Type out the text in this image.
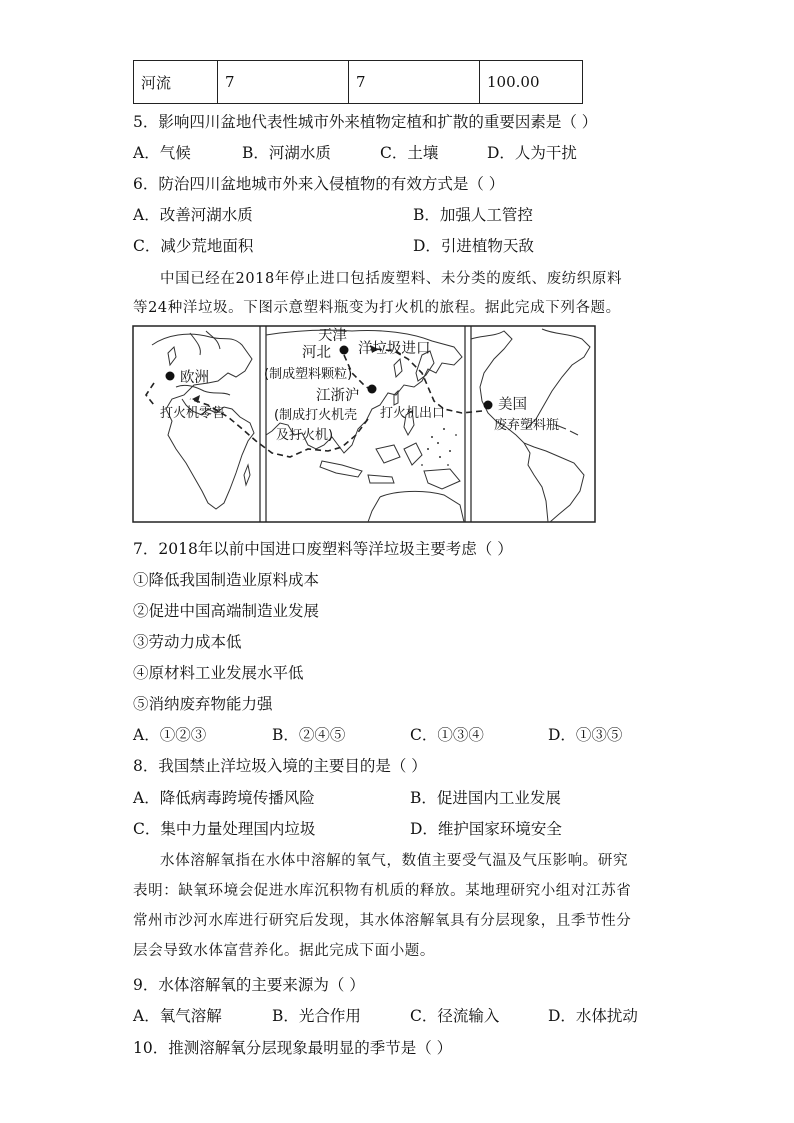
河流	7	7	100.00
5．影响四川盆地代表性城市外来植物定植和扩散的重要因素是（ ）
A．气候	B．河湖水质	C．土壤	D．人为干扰
6．防治四川盆地城市外来入侵植物的有效方式是（ ）
A．改善河湖水质	B．加强人工管控
C．减少荒地面积	D．引进植物天敌
中国已经在2018年停止进口包括废塑料、未分类的废纸、废纺织原料
等24种洋垃圾。下图示意塑料瓶变为打火机的旅程。据此完成下列各题。
欧洲
打火机零售
天津
河北
(制成塑料颗粒)
洋垃圾进口
江浙沪
(制成打火机壳
及打火机)
打火机出口
美国
废弃塑料瓶
7．2018年以前中国进口废塑料等洋垃圾主要考虑（ ）
①降低我国制造业原料成本
②促进中国高端制造业发展
③劳动力成本低
④原材料工业发展水平低
⑤消纳废弃物能力强
A．①②③	B．②④⑤	C．①③④	D．①③⑤
8．我国禁止洋垃圾入境的主要目的是（ ）
A．降低病毒跨境传播风险	B．促进国内工业发展
C．集中力量处理国内垃圾	D．维护国家环境安全
水体溶解氧指在水体中溶解的氧气，数值主要受气温及气压影响。研究
表明：缺氧环境会促进水库沉积物有机质的释放。某地理研究小组对江苏省
常州市沙河水库进行研究后发现，其水体溶解氧具有分层现象，且季节性分
层会导致水体富营养化。据此完成下面小题。
9．水体溶解氧的主要来源为（ ）
A．氧气溶解	B．光合作用	C．径流输入	D．水体扰动
10．推测溶解氧分层现象最明显的季节是（ ）
